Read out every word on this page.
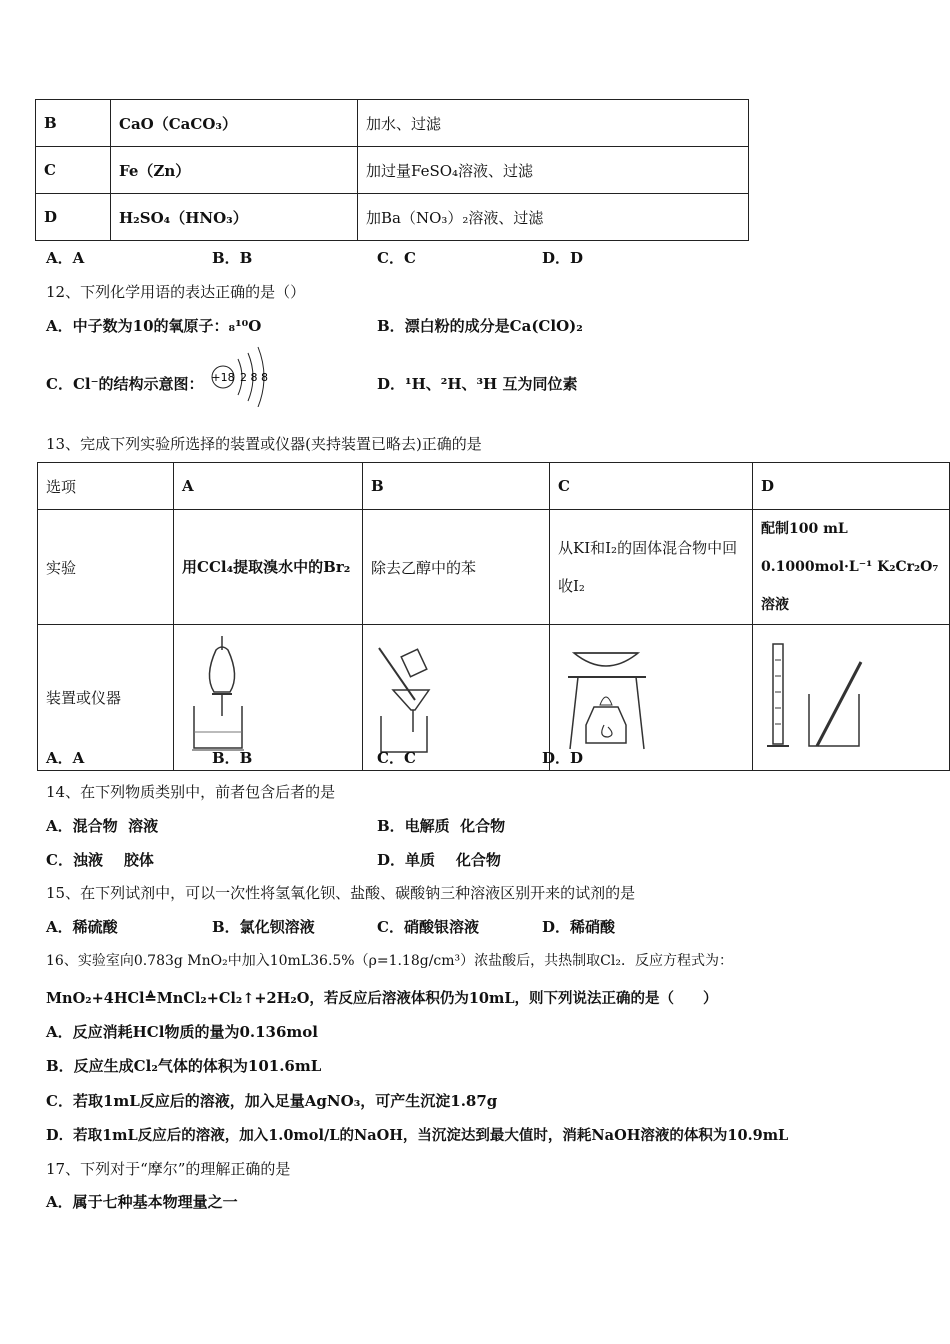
B	CaO（CaCO₃）	加水、过滤
C	Fe（Zn）	加过量FeSO₄溶液、过滤
D	H₂SO₄（HNO₃）	加Ba（NO₃）₂溶液、过滤
A．A	B．B	C．C	D．D
12、下列化学用语的表达正确的是（）
A．中子数为10的氧原子：₈¹⁰O	B．漂白粉的成分是Ca(ClO)₂
C．Cl⁻的结构示意图： +18 2 8 8	D．¹H、²H、³H 互为同位素
13、完成下列实验所选择的装置或仪器(夹持装置已略去)正确的是
选项	A	B	C	D
实验	用CCl₄提取溴水中的Br₂	除去乙醇中的苯	从KI和I₂的固体混合物中回收I₂	配制100 mL 0.1000mol·L⁻¹ K₂Cr₂O₇溶液
装置或仪器				
A．A	B．B	C．C	D．D
14、在下列物质类别中，前者包含后者的是
A．混合物  溶液	B．电解质  化合物
C．浊液    胶体	D．单质    化合物
15、在下列试剂中，可以一次性将氢氧化钡、盐酸、碳酸钠三种溶液区别开来的试剂的是
A．稀硫酸	B．氯化钡溶液	C．硝酸银溶液	D．稀硝酸
16、实验室向0.783g MnO₂中加入10mL36.5%（ρ=1.18g/cm³）浓盐酸后，共热制取Cl₂．反应方程式为：
MnO₂+4HCl≜MnCl₂+Cl₂↑+2H₂O，若反应后溶液体积仍为10mL，则下列说法正确的是（　　）
A．反应消耗HCl物质的量为0.136mol
B．反应生成Cl₂气体的体积为101.6mL
C．若取1mL反应后的溶液，加入足量AgNO₃，可产生沉淀1.87g
D．若取1mL反应后的溶液，加入1.0mol/L的NaOH，当沉淀达到最大值时，消耗NaOH溶液的体积为10.9mL
17、下列对于“摩尔”的理解正确的是
A．属于七种基本物理量之一
